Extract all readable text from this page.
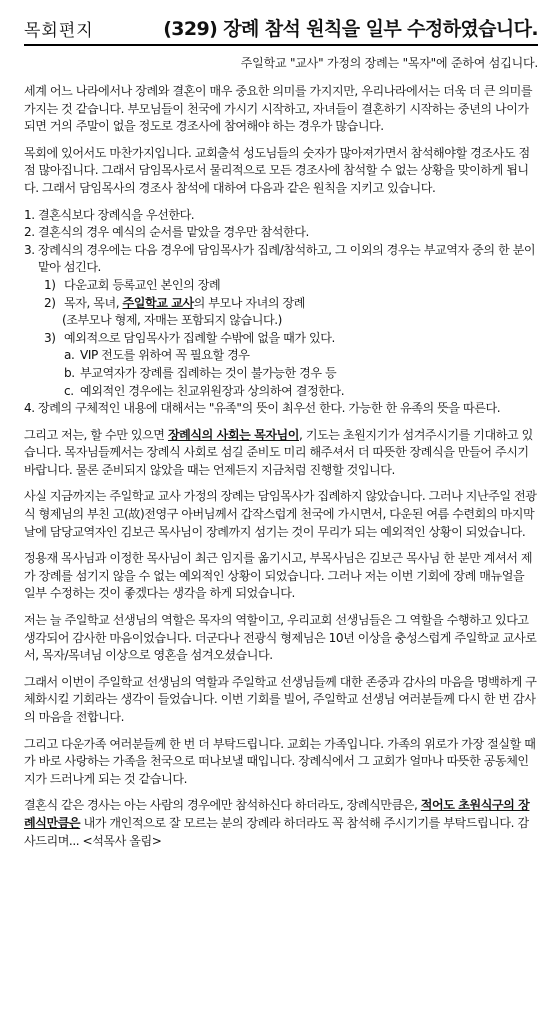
목회편지	(329) 장례 참석 원칙을 일부 수정하였습니다.
주일학교 "교사" 가정의 장례는 "목자"에 준하여 섬깁니다.

세계 어느 나라에서나 장례와 결혼이 매우 중요한 의미를 가지지만, 우리나라에서는 더욱 더 큰 의미를 가지는 것 같습니다. 부모님들이 천국에 가시기 시작하고, 자녀들이 결혼하기 시작하는 중년의 나이가 되면 거의 주말이 없을 정도로 경조사에 참여해야 하는 경우가 많습니다.

목회에 있어서도 마찬가지입니다. 교회출석 성도님들의 숫자가 많아져가면서 참석해야할 경조사도 점점 많아집니다. 그래서 담임목사로서 물리적으로 모든 경조사에 참석할 수 없는 상황을 맞이하게 됩니다. 그래서 담임목사의 경조사 참석에 대하여 다음과 같은 원칙을 지키고 있습니다.

1. 결혼식보다 장례식을 우선한다.
2. 결혼식의 경우 예식의 순서를 맡았을 경우만 참석한다.
3. 장례식의 경우에는 다음 경우에 담임목사가 집례/참석하고, 그 이외의 경우는 부교역자 중의 한 분이 맡아 섬긴다.
1) 다운교회 등록교인 본인의 장례
2) 목자, 목녀, 주일학교 교사의 부모나 자녀의 장례
(조부모나 형제, 자매는 포함되지 않습니다.)
3) 예외적으로 담임목사가 집례할 수밖에 없을 때가 있다.
a. VIP 전도를 위하여 꼭 필요할 경우
b. 부교역자가 장례를 집례하는 것이 불가능한 경우 등
c. 예외적인 경우에는 친교위원장과 상의하여 결정한다.
4. 장례의 구체적인 내용에 대해서는 "유족"의 뜻이 최우선 한다. 가능한 한 유족의 뜻을 따른다.

그리고 저는, 할 수만 있으면 장례식의 사회는 목자님이, 기도는 초원지기가 섬겨주시기를 기대하고 있습니다. 목자님들께서는 장례식 사회로 섬길 준비도 미리 해주셔서 더 따뜻한 장례식을 만들어 주시기 바랍니다. 물론 준비되지 않았을 때는 언제든지 지금처럼 진행할 것입니다.

사실 지금까지는 주일학교 교사 가정의 장례는 담임목사가 집례하지 않았습니다. 그러나 지난주일 전광식 형제님의 부친 고(故)전영구 아버님께서 갑작스럽게 천국에 가시면서, 다운된 여름 수련회의 마지막 날에 담당교역자인 김보근 목사님이 장례까지 섬기는 것이 무리가 되는 예외적인 상황이 되었습니다.

정용재 목사님과 이정한 목사님이 최근 임지를 옮기시고, 부목사님은 김보근 목사님 한 분만 계셔서 제가 장례를 섬기지 않을 수 없는 예외적인 상황이 되었습니다. 그러나 저는 이번 기회에 장례 매뉴얼을 일부 수정하는 것이 좋겠다는 생각을 하게 되었습니다.

저는 늘 주일학교 선생님의 역할은 목자의 역할이고, 우리교회 선생님들은 그 역할을 수행하고 있다고 생각되어 감사한 마음이었습니다. 더군다나 전광식 형제님은 10년 이상을 충성스럽게 주일학교 교사로서, 목자/목녀님 이상으로 영혼을 섬겨오셨습니다.

그래서 이번이 주일학교 선생님의 역할과 주일학교 선생님들께 대한 존중과 감사의 마음을 명백하게 구체화시킬 기회라는 생각이 들었습니다. 이번 기회를 빌어, 주일학교 선생님 여러분들께 다시 한 번 감사의 마음을 전합니다.

그리고 다운가족 여러분들께 한 번 더 부탁드립니다. 교회는 가족입니다. 가족의 위로가 가장 절실할 때가 바로 사랑하는 가족을 천국으로 떠나보낼 때입니다. 장례식에서 그 교회가 얼마나 따뜻한 공동체인지가 드러나게 되는 것 같습니다.

결혼식 같은 경사는 아는 사람의 경우에만 참석하신다 하더라도, 장례식만큼은, 적어도 초원식구의 장례식만큼은 내가 개인적으로 잘 모르는 분의 장례라 하더라도 꼭 참석해 주시기기를 부탁드립니다. 감사드리며... <석목사 올림>
